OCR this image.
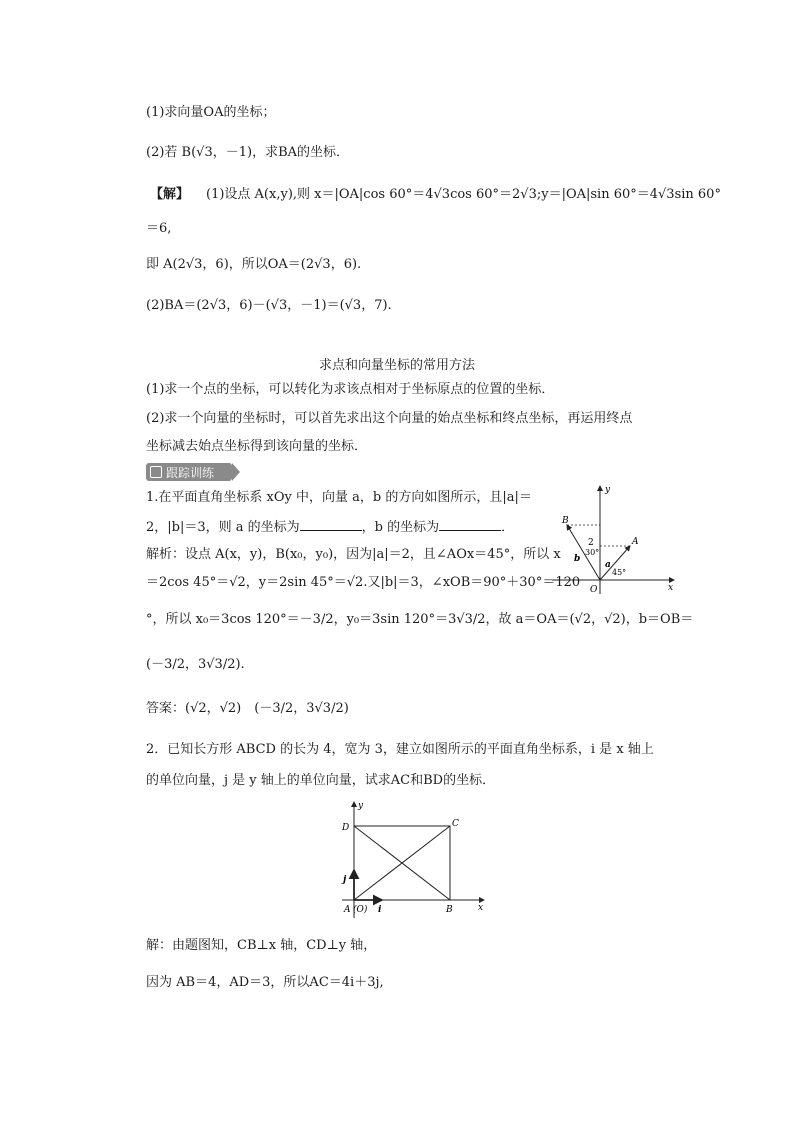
(1)求向量OA的坐标；
(2)若 B(√3，－1)，求BA的坐标．
【解】 (1)设点 A(x,y),则 x＝|OA|cos 60°＝4√3cos 60°＝2√3;y＝|OA|sin 60°＝4√3sin 60°
＝6,
即 A(2√3，6)，所以OA＝(2√3，6).
(2)BA＝(2√3，6)－(√3，－1)＝(√3，7).
求点和向量坐标的常用方法
(1)求一个点的坐标，可以转化为求该点相对于坐标原点的位置的坐标．
(2)求一个向量的坐标时，可以首先求出这个向量的始点坐标和终点坐标，再运用终点
坐标减去始点坐标得到该向量的坐标．
跟踪训练
1.在平面直角坐标系 xOy 中，向量 a，b 的方向如图所示，且|a|＝
2，|b|＝3，则 a 的坐标为	，b 的坐标为	．
解析：设点 A(x，y)，B(x₀，y₀)，因为|a|＝2，且∠AOx＝45°，所以 x
＝2cos 45°＝√2，y＝2sin 45°＝√2.又|b|＝3，∠xOB＝90°＋30°＝120
°，所以 x₀＝3cos 120°＝－3/2，y₀＝3sin 120°＝3√3/2，故 a＝OA＝(√2，√2)，b＝OB＝
(－3/2，3√3/2).
答案：(√2，√2)　(－3/2，3√3/2)
2．已知长方形 ABCD 的长为 4，宽为 3，建立如图所示的平面直角坐标系，i 是 x 轴上
的单位向量，j 是 y 轴上的单位向量，试求AC和BD的坐标．
y
x
O
B
A
b
a
2
30°
45°
y
x
D	C
A (O)	B
i
j
解：由题图知，CB⊥x 轴，CD⊥y 轴，
因为 AB＝4，AD＝3，所以AC＝4i＋3j,
